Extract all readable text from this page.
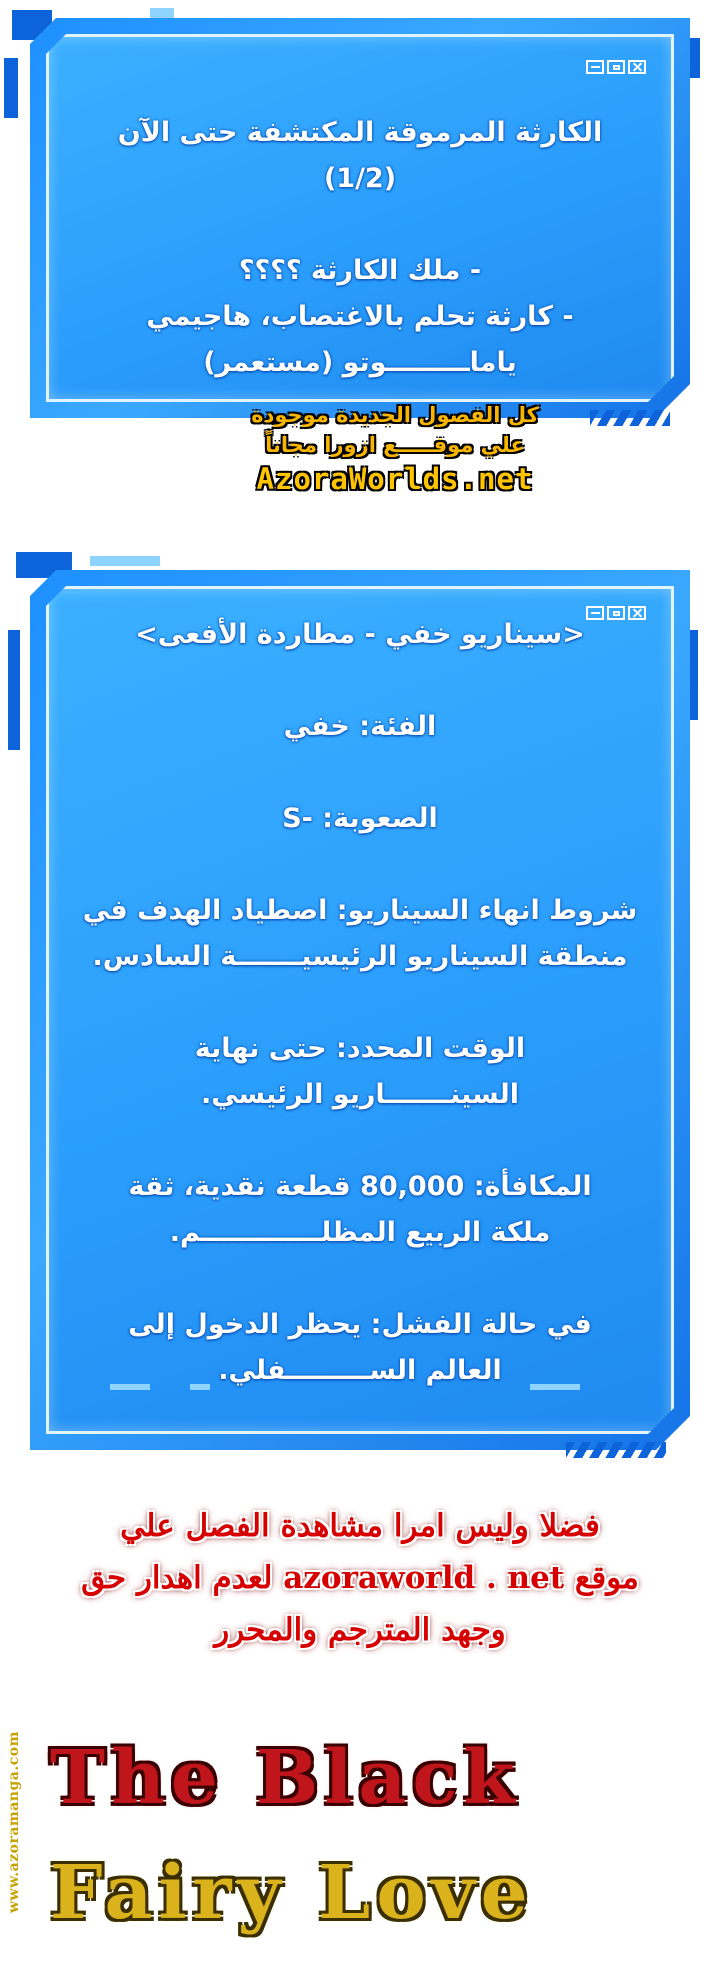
الكارثة المرموقة المكتشفة حتى الآن (1/2)

- ملك الكارثة ؟؟؟؟

- كارثة تحلم بالاغتصاب، هاجيمي

ياماـــــــــوتو (مستعمر)

كل الفصول الجديدة موجودة
علي موقـــــع ازورا مجاناً
AzoraWorlds.net

<سيناريو خفي - مطاردة الأفعى>

الفئة: خفي

الصعوبة: -S

شروط انهاء السيناريو: اصطياد الهدف في

منطقة السيناريو الرئيسيـــــــة السادس.

الوقت المحدد: حتى نهاية

السينـــــــاريو الرئيسي.

المكافأة: 80,000 قطعة نقدية، ثقة

ملكة الربيع المظلـــــــــــــم.

في حالة الفشل: يحظر الدخول إلى

العالم الســـــــــفلي.

فضلا وليس امرا مشاهدة الفصل علي

موقع azoraworld . net لعدم اهدار حق

وجهد المترجم والمحرر

www.azoramanga.com The Black
Fairy Love
